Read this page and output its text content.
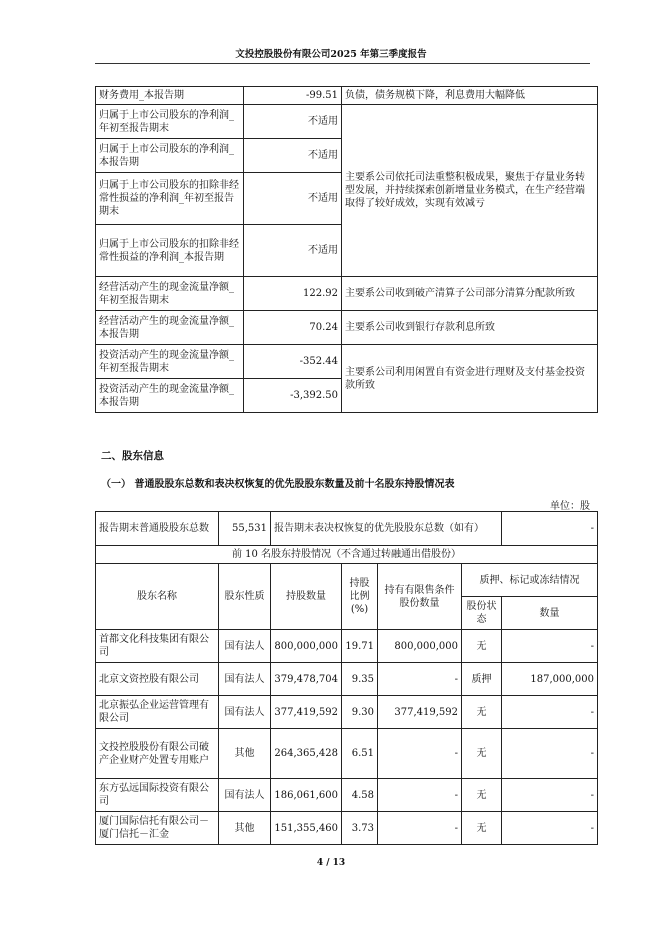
文投控股股份有限公司2025 年第三季度报告
财务费用_本报告期	-99.51	负债，债务规模下降，利息费用大幅降低
归属于上市公司股东的净利润_年初至报告期末	不适用	主要系公司依托司法重整积极成果，聚焦于存量业务转型发展，并持续探索创新增量业务模式，在生产经营端取得了较好成效，实现有效减亏
归属于上市公司股东的净利润_本报告期	不适用	
归属于上市公司股东的扣除非经常性损益的净利润_年初至报告期末	不适用	
归属于上市公司股东的扣除非经常性损益的净利润_本报告期	不适用	
经营活动产生的现金流量净额_年初至报告期末	122.92	主要系公司收到破产清算子公司部分清算分配款所致
经营活动产生的现金流量净额_本报告期	70.24	主要系公司收到银行存款利息所致
投资活动产生的现金流量净额_年初至报告期末	-352.44	主要系公司利用闲置自有资金进行理财及支付基金投资款所致
投资活动产生的现金流量净额_本报告期	-3,392.50	
二、股东信息
（一） 普通股股东总数和表决权恢复的优先股股东数量及前十名股东持股情况表
单位：股
报告期末普通股股东总数	55,531	报告期末表决权恢复的优先股股东总数（如有）				-
前 10 名股东持股情况（不含通过转融通出借股份）						
股东名称	股东性质	持股数量	持股比例(%)	持有有限售条件股份数量	质押、标记或冻结情况	
					股份状态	数量
首都文化科技集团有限公司	国有法人	800,000,000	19.71	800,000,000	无	-
北京文资控股有限公司	国有法人	379,478,704	9.35	-	质押	187,000,000
北京振弘企业运营管理有限公司	国有法人	377,419,592	9.30	377,419,592	无	-
文投控股股份有限公司破产企业财产处置专用账户	其他	264,365,428	6.51	-	无	-
东方弘远国际投资有限公司	国有法人	186,061,600	4.58	-	无	-
厦门国际信托有限公司－厦门信托－汇金	其他	151,355,460	3.73	-	无	-
4 / 13
